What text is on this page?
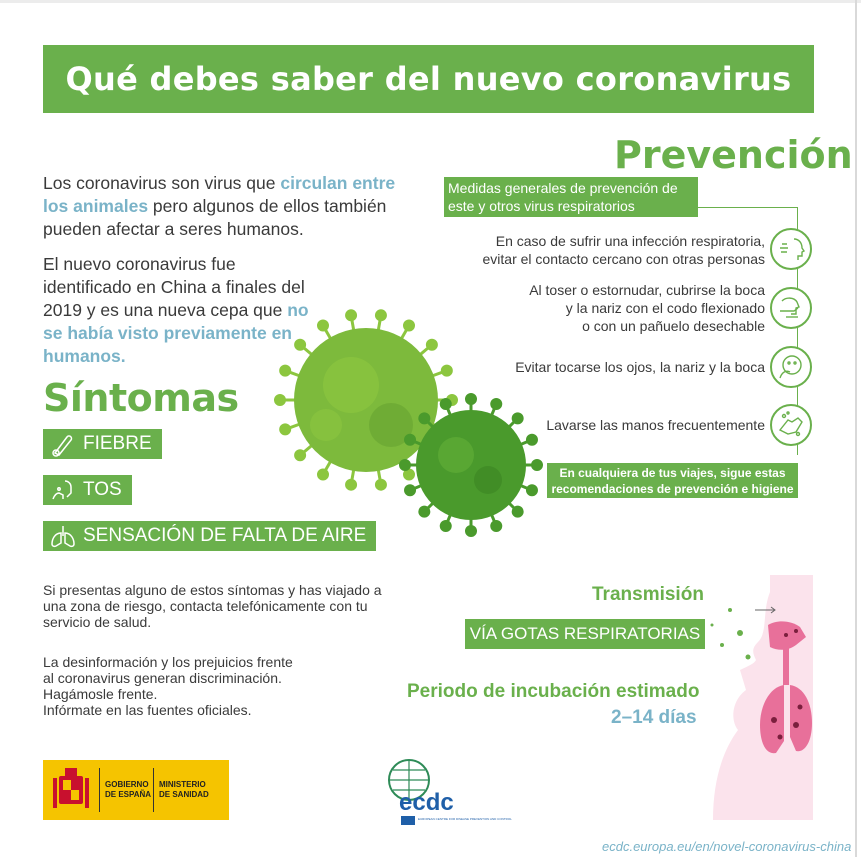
Qué debes saber del nuevo coronavirus

Los coronavirus son virus que circulan entre los animales pero algunos de ellos también pueden afectar a seres humanos.

El nuevo coronavirus fue identificado en China a finales del 2019 y es una nueva cepa que no se había visto previamente en humanos.

Síntomas
FIEBRE
TOS
SENSACIÓN DE FALTA DE AIRE
Si presentas alguno de estos síntomas y has viajado a una zona de riesgo, contacta telefónicamente con tu servicio de salud.
La desinformación y los prejuicios frente
al coronavirus generan discriminación.
Hagámosle frente.
Infórmate en las fuentes oficiales.
GOBIERNO
DE ESPAÑA
MINISTERIO
DE SANIDAD
Prevención
Medidas generales de prevención de este y otros virus respiratorios
En caso de sufrir una infección respiratoria,
evitar el contacto cercano con otras personas
Al toser o estornudar, cubrirse la boca
y la nariz con el codo flexionado
o con un pañuelo desechable
Evitar tocarse los ojos, la nariz y la boca
Lavarse las manos frecuentemente
En cualquiera de tus viajes, sigue estas
recomendaciones de prevención e higiene
Transmisión
VÍA GOTAS RESPIRATORIAS
Periodo de incubación estimado
2–14 días
ecdc
EUROPEAN CENTRE FOR DISEASE PREVENTION AND CONTROL
ecdc.europa.eu/en/novel-coronavirus-china
